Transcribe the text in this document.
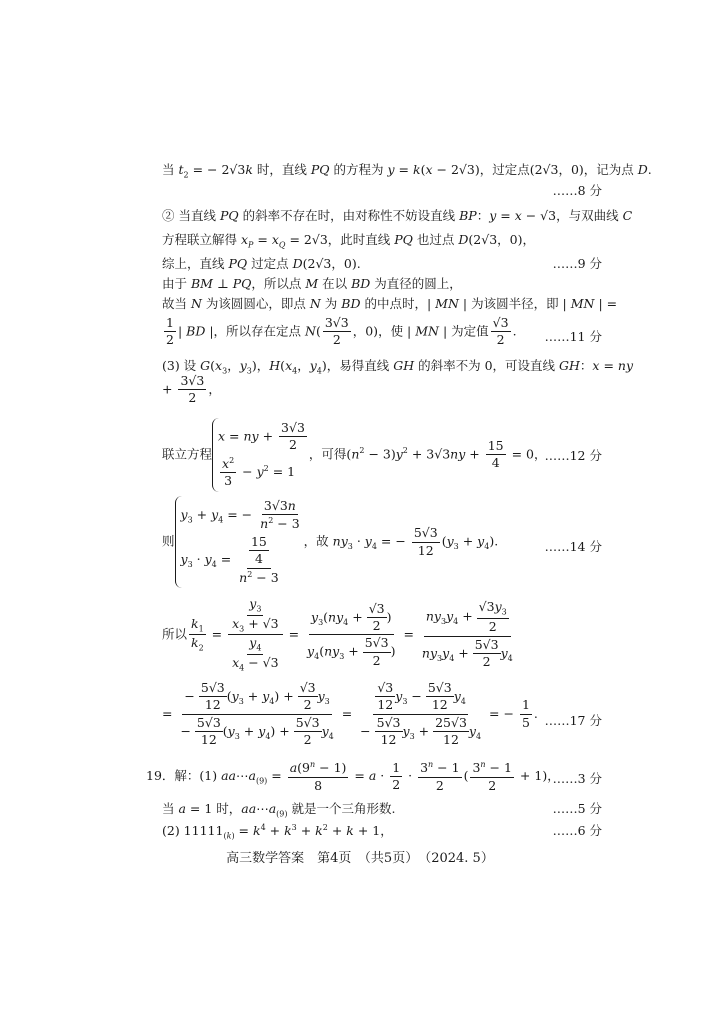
当 $t_2$ = − 2√3k 时，直线 PQ 的方程为 y = k(x − 2√3)，过定点(2√3，0)，记为点 D.
……8 分
② 当直线 PQ 的斜率不存在时，由对称性不妨设直线 BP：y = x − √3，与双曲线 C
方程联立解得 $x_P = x_Q = 2√3$，此时直线 PQ 也过点 D(2√3，0)，
综上，直线 PQ 过定点 D(2√3，0).	……9 分
由于 BM ⊥ PQ，所以点 M 在以 BD 为直径的圆上，
故当 N 为该圆圆心，即点 N 为 BD 的中点时，| MN | 为该圆半径，即 | MN | =
$\frac{1}{2}$ | BD |，所以存在定点 $N( \frac{3√3}{2}$ ，0)，使 | MN | 为定值 $\frac{√3}{2}$ .	……11 分
(3) 设 $G(x_3$，$y_3$)，$H(x_4$，$y_4$)，易得直线 GH 的斜率不为 0，可设直线 GH：x = ny
+ $\frac{3√3}{2}$ ，
联立方程
x = ny + $\frac{3√3}{2}$
$\frac{x^2}{3} - y^2 = 1$
，可得$(n^2 - 3)y^2 + 3√3ny + \frac{15}{4} = 0$，
……12 分
则
$y_3 + y_4$ = − $\frac{3√3n}{n^2 - 3}$
$y_3 \cdot y_4 = \frac{\frac{15}{4}}{n^2 - 3}$ ，故 $ny_3 \cdot y_4$ = − $\frac{5√3}{12} (y_3 + y_4)$.	……14 分
所以 $\frac{k_1}{k_2} = \frac{\frac{y_3}{x_3 + √3}}{\frac{y_4}{x_4 - √3}} = \frac{y_3(ny_4 + \frac{√3}{2} )}{y_4(ny_3 + \frac{5√3}{2} )} = \frac{ny_3y_4 + \frac{√3y_3}{2}}{ny_3y_4 + \frac{5√3}{2} y_4}$
= $\frac{- \frac{5√3}{12} (y_3 + y_4) + \frac{√3}{2} y_3}{- \frac{5√3}{12} (y_3 + y_4) + \frac{5√3}{2} y_4} = \frac{\frac{√3}{12} y_3 - \frac{5√3}{12} y_4}{- \frac{5√3}{12} y_3 + \frac{25√3}{12} y_4}$ = − $\frac{1}{5}$ . ……17 分
19．解：(1) $aa\cdots a_{(9)} = \frac{a(9^n - 1)}{8} = a \cdot \frac{1}{2} \cdot \frac{3^n - 1}{2}$ ( $\frac{3^n - 1}{2} + 1$)，
……3 分
当 a = 1 时，$aa\cdots a_{(9)}$ 就是一个三角形数.	……5 分
(2) $11111_{(k)} = k^4 + k^3 + k^2 + k + 1$，	……6 分
高三数学答案　第4页　（共5页）　（2024. 5）
